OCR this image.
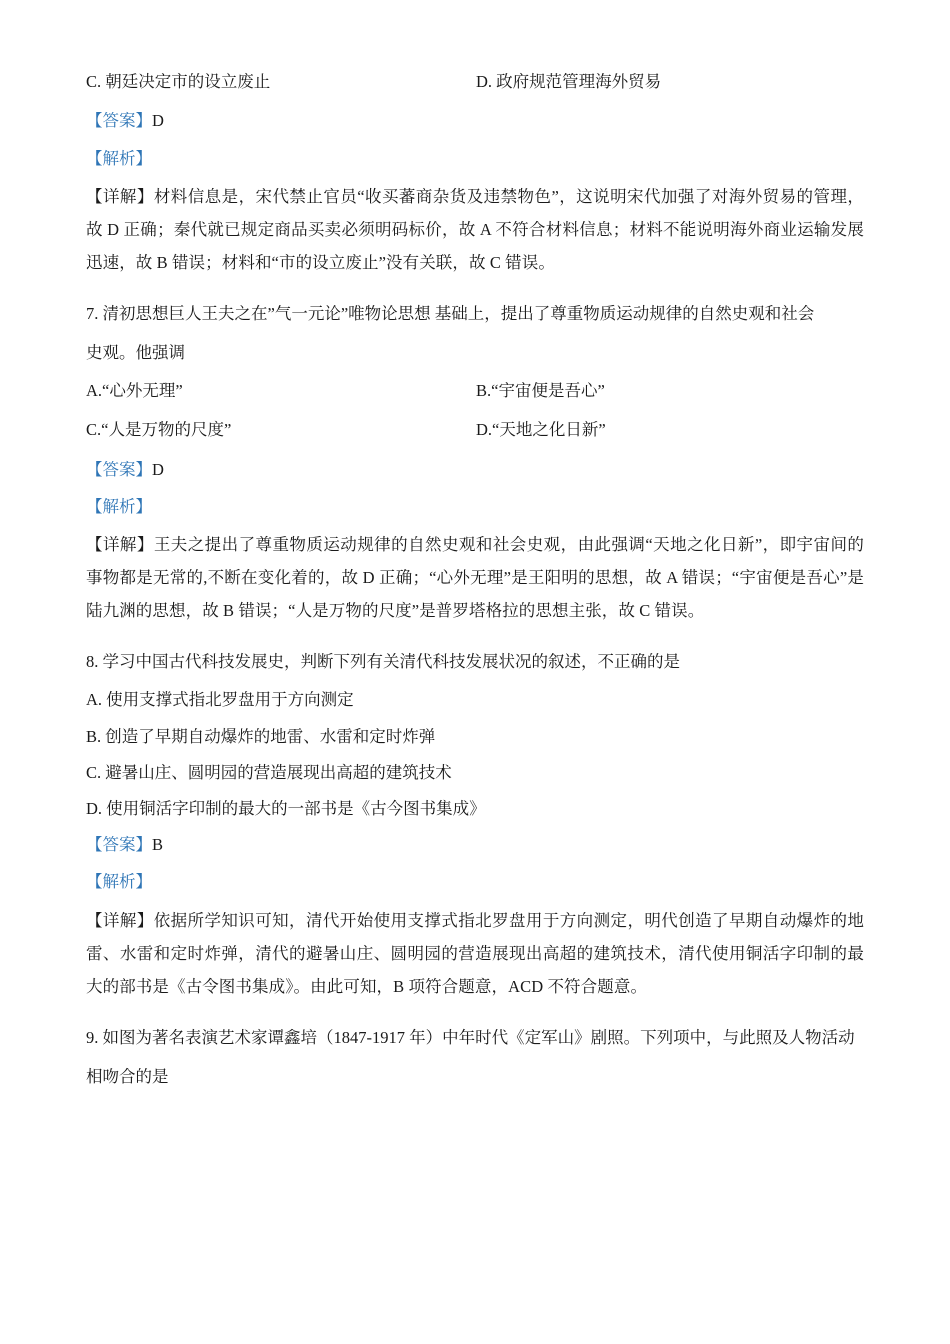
C. 朝廷决定市的设立废止	D. 政府规范管理海外贸易
【答案】D
【解析】
【详解】材料信息是，宋代禁止官员“收买蕃商杂货及违禁物色”，这说明宋代加强了对海外贸易的管理，故 D 正确；秦代就已规定商品买卖必须明码标价，故 A 不符合材料信息；材料不能说明海外商业运输发展迅速，故 B 错误；材料和“市的设立废止”没有关联，故 C 错误。
7. 清初思想巨人王夫之在”气一元论”唯物论思想 基础上，提出了尊重物质运动规律的自然史观和社会
史观。他强调
A.“心外无理”	B.“宇宙便是吾心”
C.“人是万物的尺度”	D.“天地之化日新”
【答案】D
【解析】
【详解】王夫之提出了尊重物质运动规律的自然史观和社会史观，由此强调“天地之化日新”，即宇宙间的事物都是无常的,不断在变化着的，故 D 正确；“心外无理”是王阳明的思想，故 A 错误；“宇宙便是吾心”是陆九渊的思想，故 B 错误；“人是万物的尺度”是普罗塔格拉的思想主张，故 C 错误。
8. 学习中国古代科技发展史，判断下列有关清代科技发展状况的叙述，不正确的是
A. 使用支撑式指北罗盘用于方向测定
B. 创造了早期自动爆炸的地雷、水雷和定时炸弹
C. 避暑山庄、圆明园的营造展现出高超的建筑技术
D. 使用铜活字印制的最大的一部书是《古今图书集成》
【答案】B
【解析】
【详解】依据所学知识可知，清代开始使用支撑式指北罗盘用于方向测定，明代创造了早期自动爆炸的地雷、水雷和定时炸弹，清代的避暑山庄、圆明园的营造展现出高超的建筑技术，清代使用铜活字印制的最大的部书是《古令图书集成》。由此可知，B 项符合题意，ACD 不符合题意。
9. 如图为著名表演艺术家谭鑫培（1847-1917 年）中年时代《定军山》剧照。下列项中，与此照及人物活动
相吻合的是
